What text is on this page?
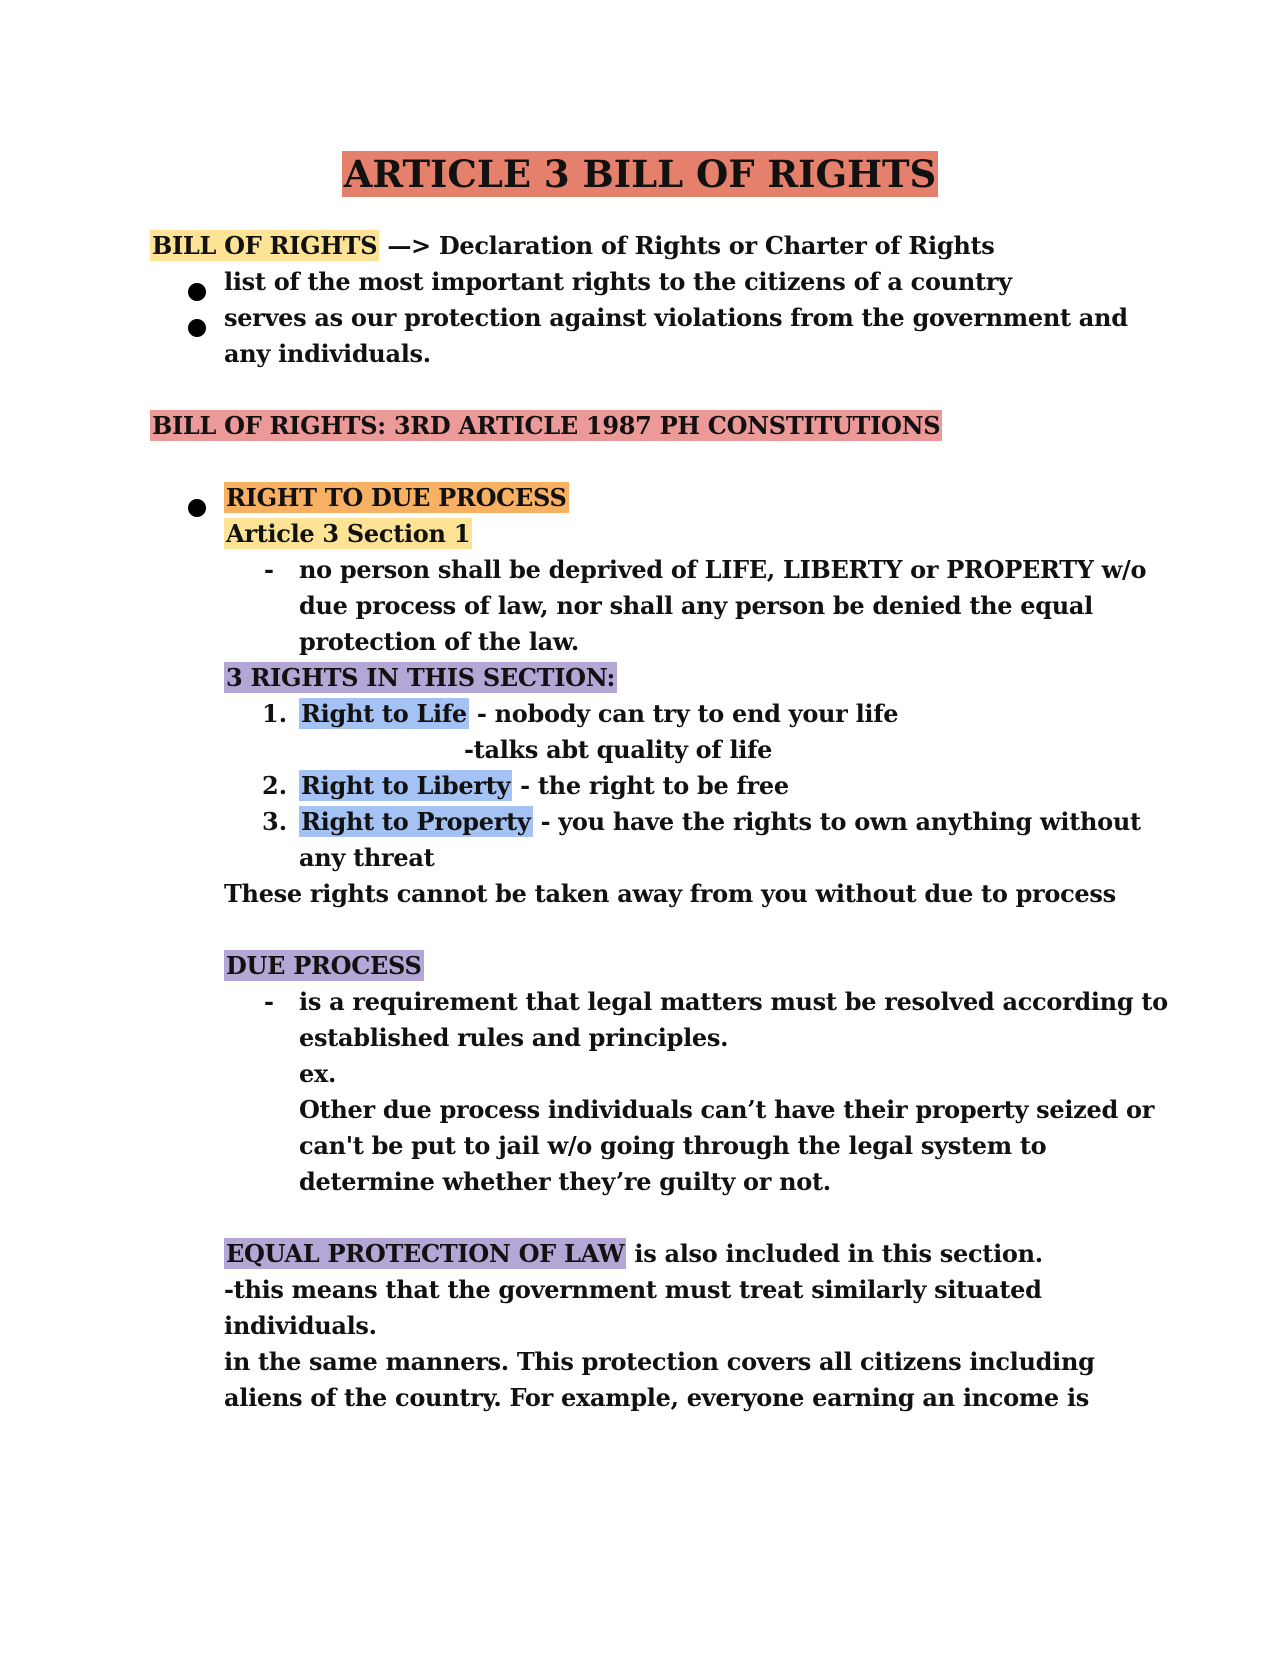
ARTICLE 3 BILL OF RIGHTS
BILL OF RIGHTS —> Declaration of Rights or Charter of Rights
list of the most important rights to the citizens of a country
serves as our protection against violations from the government and
any individuals.
BILL OF RIGHTS: 3RD ARTICLE 1987 PH CONSTITUTIONS
RIGHT TO DUE PROCESS
Article 3 Section 1
- no person shall be deprived of LIFE, LIBERTY or PROPERTY w/o
due process of law, nor shall any person be denied the equal
protection of the law.
3 RIGHTS IN THIS SECTION:
1. Right to Life - nobody can try to end your life
-talks abt quality of life
2. Right to Liberty - the right to be free
3. Right to Property - you have the rights to own anything without
any threat
These rights cannot be taken away from you without due to process
DUE PROCESS
- is a requirement that legal matters must be resolved according to
established rules and principles.
ex.
Other due process individuals can’t have their property seized or
can't be put to jail w/o going through the legal system to
determine whether they’re guilty or not.
EQUAL PROTECTION OF LAW is also included in this section.
-this means that the government must treat similarly situated
individuals.
in the same manners. This protection covers all citizens including
aliens of the country. For example, everyone earning an income is
